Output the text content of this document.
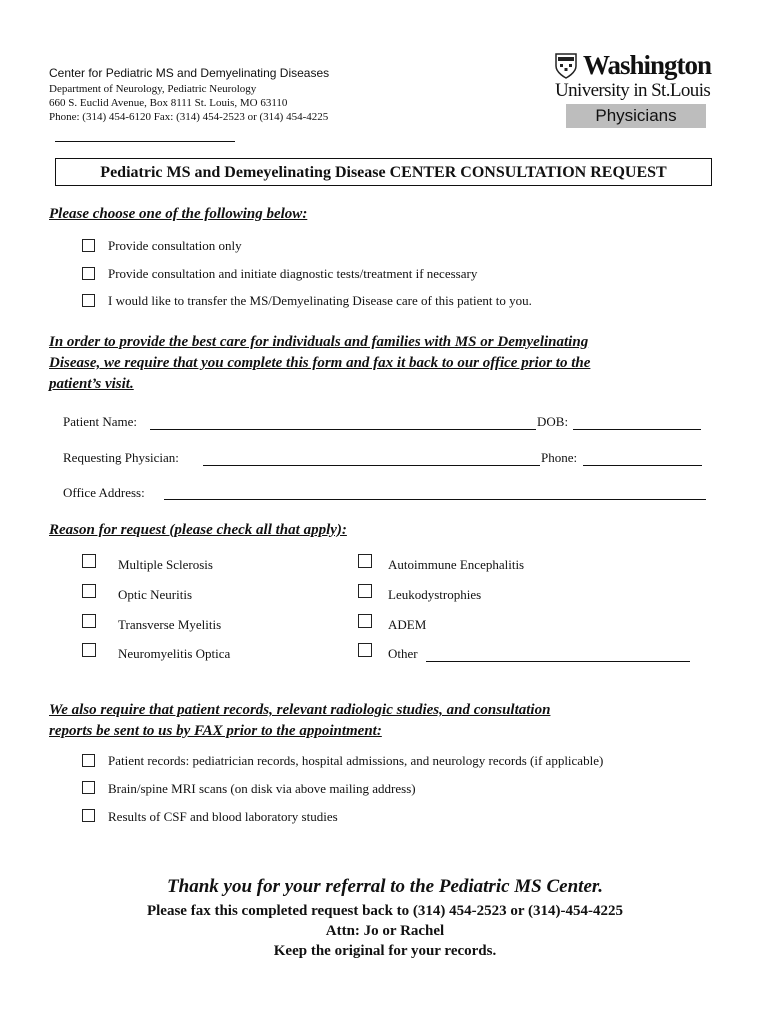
Center for Pediatric MS and Demyelinating Diseases
Department of Neurology, Pediatric Neurology
660 S. Euclid Avenue, Box 8111 St. Louis, MO 63110
Phone: (314) 454-6120 Fax: (314) 454-2523 or (314) 454-4225
Washington
University in St.Louis
Physicians
Pediatric MS and Demeyelinating Disease CENTER CONSULTATION REQUEST
Please choose one of the following below:
Provide consultation only
Provide consultation and initiate diagnostic tests/treatment if necessary
I would like to transfer the MS/Demyelinating Disease care of this patient to you.
In order to provide the best care for individuals and families with MS or Demyelinating
Disease, we require that you complete this form and fax it back to our office prior to the
patient’s visit.
Patient Name:	DOB:
Requesting Physician:	Phone:
Office Address:
Reason for request (please check all that apply):
Multiple Sclerosis
Optic Neuritis
Transverse Myelitis
Neuromyelitis Optica
Autoimmune Encephalitis
Leukodystrophies
ADEM
Other
We also require that patient records, relevant radiologic studies, and consultation
reports be sent to us by FAX prior to the appointment:
Patient records: pediatrician records, hospital admissions, and neurology records (if applicable)
Brain/spine MRI scans (on disk via above mailing address)
Results of CSF and blood laboratory studies
Thank you for your referral to the Pediatric MS Center.
Please fax this completed request back to (314) 454-2523 or (314)-454-4225
Attn: Jo or Rachel
Keep the original for your records.
